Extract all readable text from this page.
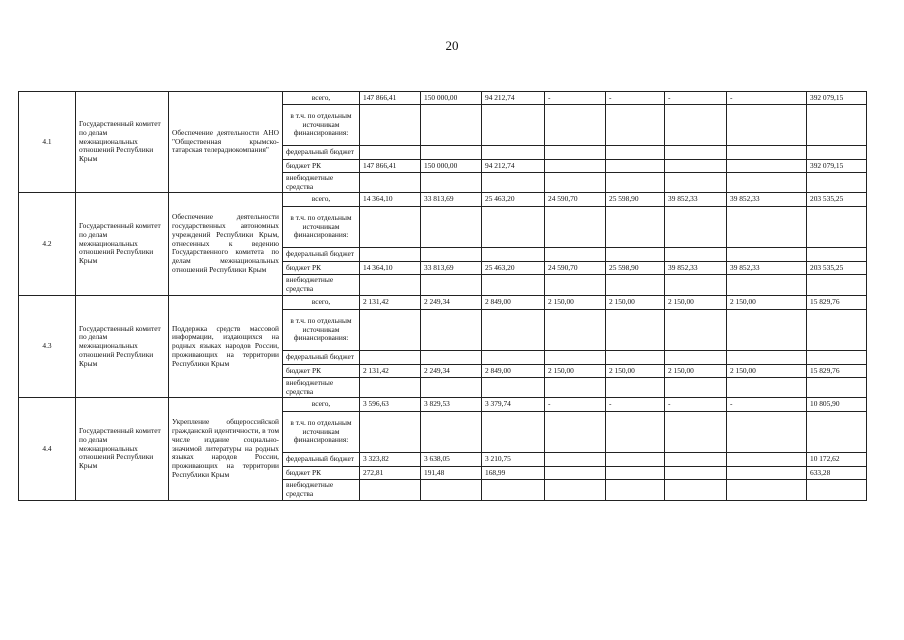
20
4.1	Государственный комитет по делам межнациональных отношений Республики Крым	Обеспечение деятельности АНО "Общественная крымско-татарская телерадиокомпания"	всего,	147 866,41	150 000,00	94 212,74	-	-	-	-	392 079,15
			в т.ч. по отдельным источникам финансирования:								
			федеральный бюджет								
			бюджет РК	147 866,41	150 000,00	94 212,74					392 079,15
			внебюджетные средства								
4.2	Государственный комитет по делам межнациональных отношений Республики Крым	Обеспечение деятельности государственных автономных учреждений Республики Крым, отнесенных к ведению Государственного комитета по делам межнациональных отношений Республики Крым	всего,	14 364,10	33 813,69	25 463,20	24 590,70	25 598,90	39 852,33	39 852,33	203 535,25
			в т.ч. по отдельным источникам финансирования:								
			федеральный бюджет								
			бюджет РК	14 364,10	33 813,69	25 463,20	24 590,70	25 598,90	39 852,33	39 852,33	203 535,25
			внебюджетные средства								
4.3	Государственный комитет по делам межнациональных отношений Республики Крым	Поддержка средств массовой информации, издающихся на родных языках народов России, проживающих на территории Республики Крым	всего,	2 131,42	2 249,34	2 849,00	2 150,00	2 150,00	2 150,00	2 150,00	15 829,76
			в т.ч. по отдельным источникам финансирования:								
			федеральный бюджет								
			бюджет РК	2 131,42	2 249,34	2 849,00	2 150,00	2 150,00	2 150,00	2 150,00	15 829,76
			внебюджетные средства								
4.4	Государственный комитет по делам межнациональных отношений Республики Крым	Укрепление общероссийской гражданской идентичности, в том числе издание социально-значимой литературы на родных языках народов России, проживающих на территории Республики Крым	всего,	3 596,63	3 829,53	3 379,74	-	-	-	-	10 805,90
			в т.ч. по отдельным источникам финансирования:								
			федеральный бюджет	3 323,82	3 638,05	3 210,75					10 172,62
			бюджет РК	272,81	191,48	168,99					633,28
			внебюджетные средства								
